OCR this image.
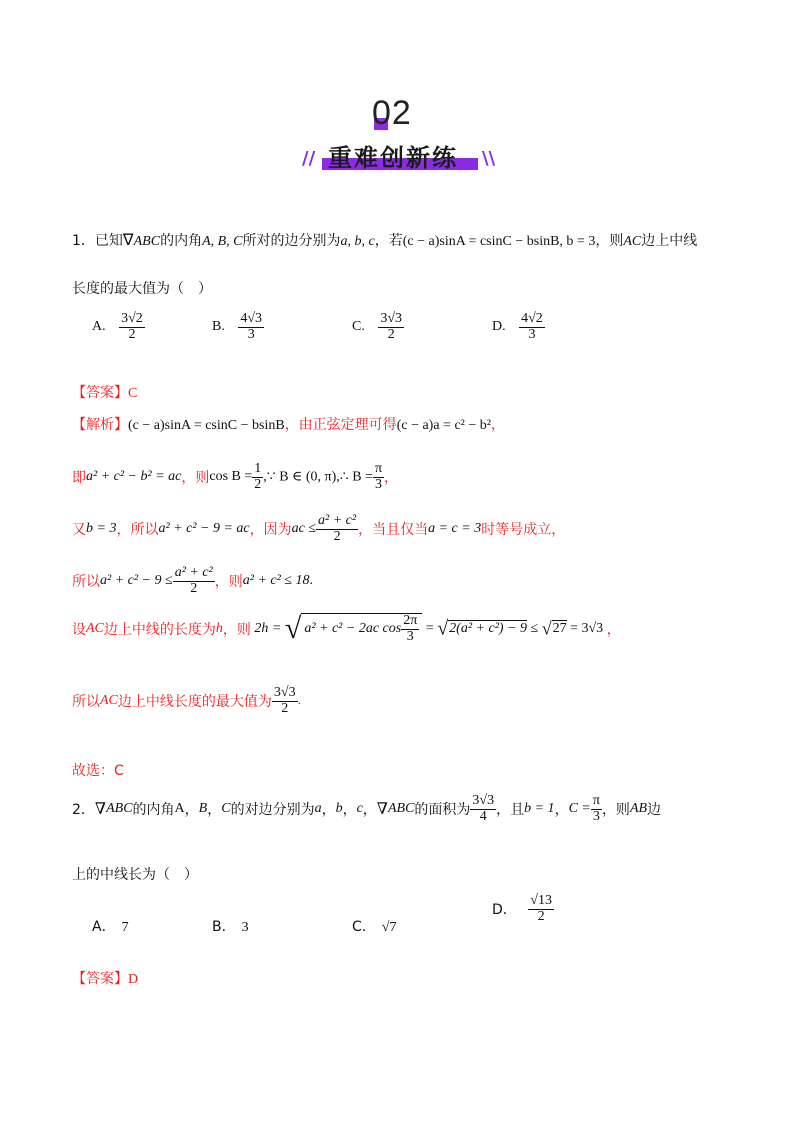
02
// 重难创新练 \\
1．已知∇ABC的内角A, B, C所对的边分别为a, b, c，若(c − a)sinA = csinC − bsinB, b = 3，则AC边上中线
长度的最大值为（　）
A. $\frac{3√2}{2}$	B. $\frac{4√3}{3}$	C. $\frac{3√3}{2}$	D. $\frac{4√2}{3}$
【答案】C
【解析】(c − a)sinA = csinC − bsinB，由正弦定理可得(c − a)a = c² − b²，
即a² + c² − b² = ac，则$\cos B = \frac{1}{2}$ ,∵ B ∈ (0, π),∴ $B = \frac{\pi}{3}$ ，
又b = 3，所以a² + c² − 9 = ac，因为ac ≤ $\frac{\text{a² + c²}}{2}$ ，当且仅当a = c = 3时等号成立，
所以$a^2 + c^2 - 9 \le \frac{\text{a² + c²}}{2}$ ，则a² + c² ≤ 18.
设AC边上中线的长度为h，则 2h = √ a² + c² − 2ac $\cos \frac{2\pi}{3} = √2(a^2 + c^2) - 9 \le √27 = 3√3$ ，
所以AC边上中线长度的最大值为 $\frac{3√3}{2}$ .
故选：C
2．∇ABC的内角A，B，C的对边分别为a，b，c，∇ABC的面积为 $\frac{3√3}{4}$ ，且b = 1，$C = \frac{\pi}{3}$ ，则AB边
上的中线长为（　）
A． 7	B． 3	C． √7
D． $\frac{√13}{2}$
【答案】D
